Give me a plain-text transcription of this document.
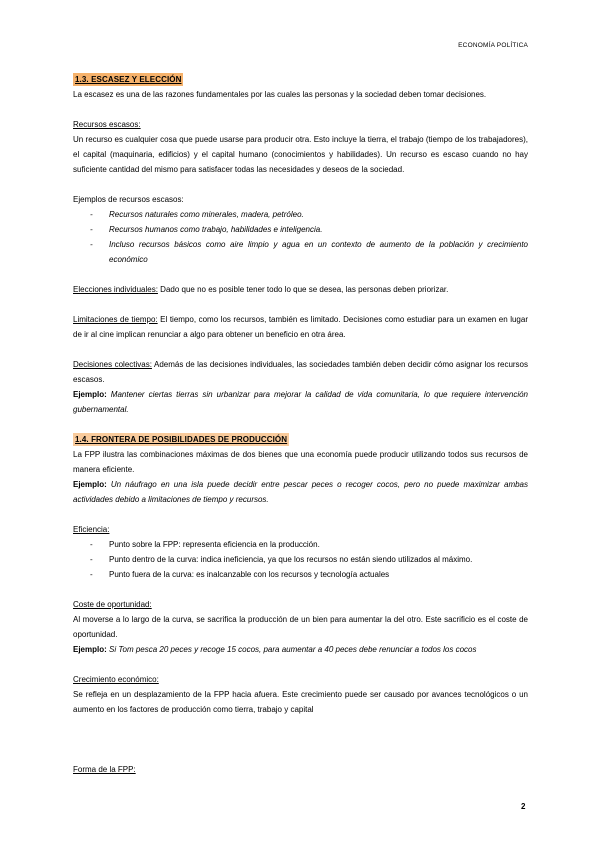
ECONOMÍA POLÍTICA
1.3. ESCASEZ Y ELECCIÓN

La escasez es una de las razones fundamentales por las cuales las personas y la sociedad deben tomar decisiones.

Recursos escasos:

Un recurso es cualquier cosa que puede usarse para producir otra. Esto incluye la tierra, el trabajo (tiempo de los trabajadores), el capital (maquinaria, edificios) y el capital humano (conocimientos y habilidades). Un recurso es escaso cuando no hay suficiente cantidad del mismo para satisfacer todas las necesidades y deseos de la sociedad.

Ejemplos de recursos escasos:

- Recursos naturales como minerales, madera, petróleo.
- Recursos humanos como trabajo, habilidades e inteligencia.
- Incluso recursos básicos como aire limpio y agua en un contexto de aumento de la población y crecimiento económico

Elecciones individuales: Dado que no es posible tener todo lo que se desea, las personas deben priorizar.

Limitaciones de tiempo: El tiempo, como los recursos, también es limitado. Decisiones como estudiar para un examen en lugar de ir al cine implican renunciar a algo para obtener un beneficio en otra área.

Decisiones colectivas: Además de las decisiones individuales, las sociedades también deben decidir cómo asignar los recursos escasos.

Ejemplo: Mantener ciertas tierras sin urbanizar para mejorar la calidad de vida comunitaria, lo que requiere intervención gubernamental.

1.4. FRONTERA DE POSIBILIDADES DE PRODUCCIÓN

La FPP ilustra las combinaciones máximas de dos bienes que una economía puede producir utilizando todos sus recursos de manera eficiente.

Ejemplo: Un náufrago en una isla puede decidir entre pescar peces o recoger cocos, pero no puede maximizar ambas actividades debido a limitaciones de tiempo y recursos.

Eficiencia:

- Punto sobre la FPP: representa eficiencia en la producción.
- Punto dentro de la curva: indica ineficiencia, ya que los recursos no están siendo utilizados al máximo.
- Punto fuera de la curva: es inalcanzable con los recursos y tecnología actuales

Coste de oportunidad:

Al moverse a lo largo de la curva, se sacrifica la producción de un bien para aumentar la del otro. Este sacrificio es el coste de oportunidad.

Ejemplo: Si Tom pesca 20 peces y recoge 15 cocos, para aumentar a 40 peces debe renunciar a todos los cocos

Crecimiento económico:

Se refleja en un desplazamiento de la FPP hacia afuera. Este crecimiento puede ser causado por avances tecnológicos o un aumento en los factores de producción como tierra, trabajo y capital

Forma de la FPP:

2
